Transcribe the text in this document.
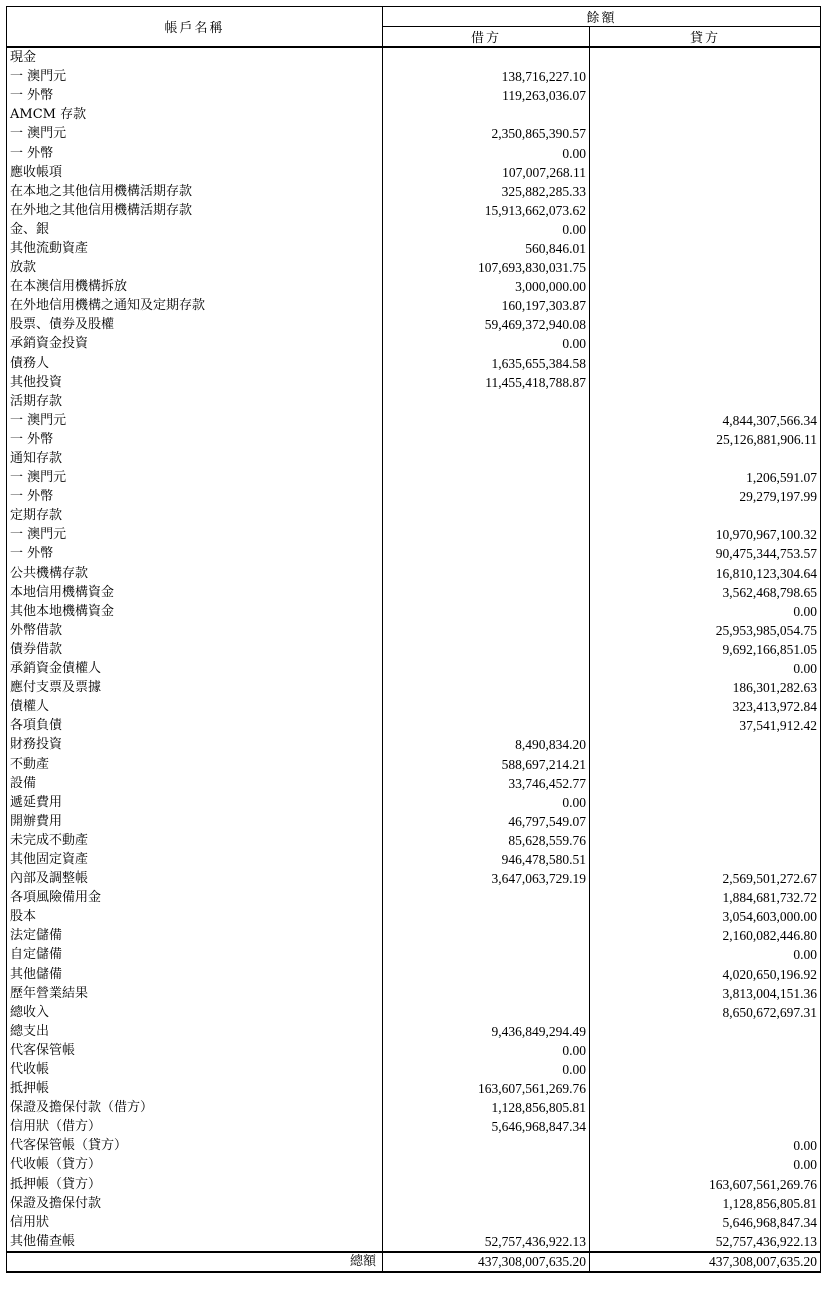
帳戶名稱	餘額	
	借方	貸方
現金		
一 澳門元	138,716,227.10	
一 外幣	119,263,036.07	
AMCM 存款		
一 澳門元	2,350,865,390.57	
一 外幣	0.00	
應收帳項	107,007,268.11	
在本地之其他信用機構活期存款	325,882,285.33	
在外地之其他信用機構活期存款	15,913,662,073.62	
金、銀	0.00	
其他流動資產	560,846.01	
放款	107,693,830,031.75	
在本澳信用機構拆放	3,000,000.00	
在外地信用機構之通知及定期存款	160,197,303.87	
股票、債券及股權	59,469,372,940.08	
承銷資金投資	0.00	
債務人	1,635,655,384.58	
其他投資	11,455,418,788.87	
活期存款		
一 澳門元		4,844,307,566.34
一 外幣		25,126,881,906.11
通知存款		
一 澳門元		1,206,591.07
一 外幣		29,279,197.99
定期存款		
一 澳門元		10,970,967,100.32
一 外幣		90,475,344,753.57
公共機構存款		16,810,123,304.64
本地信用機構資金		3,562,468,798.65
其他本地機構資金		0.00
外幣借款		25,953,985,054.75
債券借款		9,692,166,851.05
承銷資金債權人		0.00
應付支票及票據		186,301,282.63
債權人		323,413,972.84
各項負債		37,541,912.42
財務投資	8,490,834.20	
不動產	588,697,214.21	
設備	33,746,452.77	
遞延費用	0.00	
開辦費用	46,797,549.07	
未完成不動產	85,628,559.76	
其他固定資產	946,478,580.51	
內部及調整帳	3,647,063,729.19	2,569,501,272.67
各項風險備用金		1,884,681,732.72
股本		3,054,603,000.00
法定儲備		2,160,082,446.80
自定儲備		0.00
其他儲備		4,020,650,196.92
歷年營業結果		3,813,004,151.36
總收入		8,650,672,697.31
總支出	9,436,849,294.49	
代客保管帳	0.00	
代收帳	0.00	
抵押帳	163,607,561,269.76	
保證及擔保付款（借方）	1,128,856,805.81	
信用狀（借方）	5,646,968,847.34	
代客保管帳（貸方）		0.00
代收帳（貸方）		0.00
抵押帳（貸方）		163,607,561,269.76
保證及擔保付款		1,128,856,805.81
信用狀		5,646,968,847.34
其他備查帳	52,757,436,922.13	52,757,436,922.13
總額	437,308,007,635.20	437,308,007,635.20
